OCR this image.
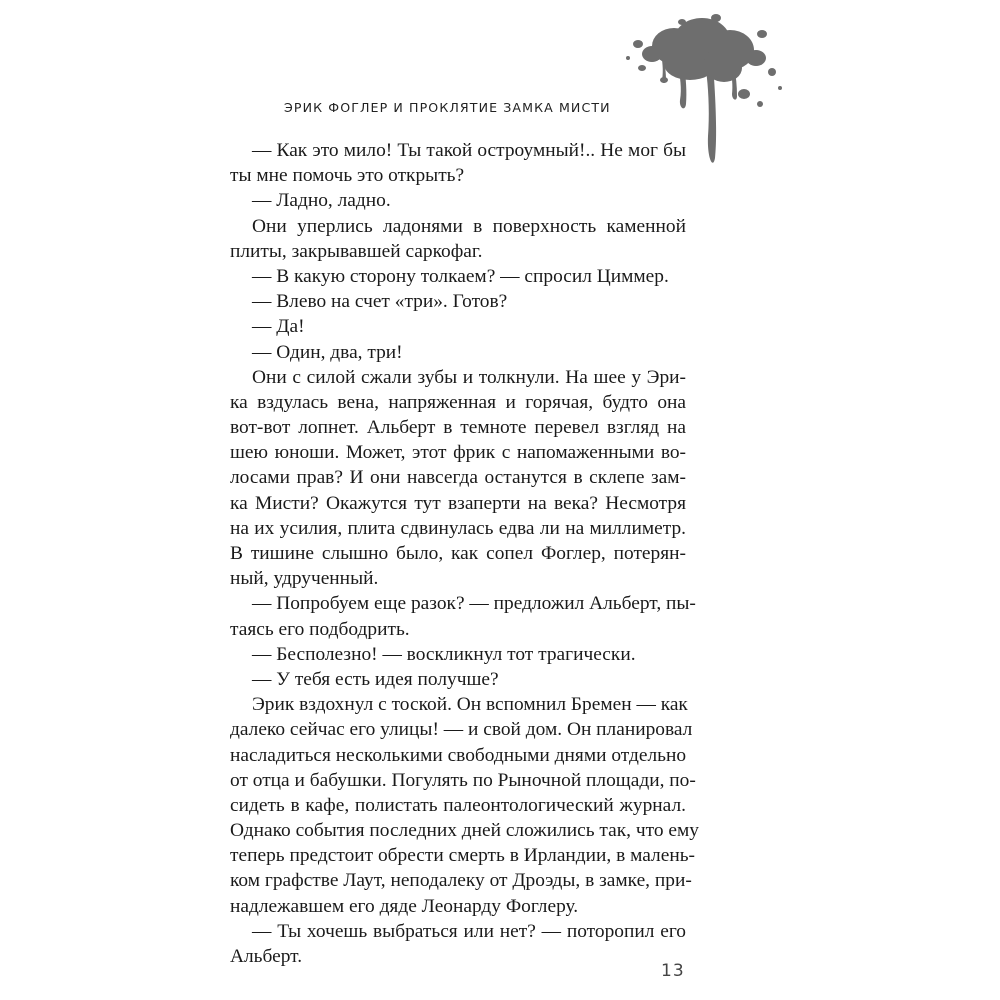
ЭРИК ФОГЛЕР И ПРОКЛЯТИЕ ЗАМКА МИСТИ
— Как это мило! Ты такой остроумный!.. Не мог бы
ты мне помочь это открыть?
— Ладно, ладно.
Они уперлись ладонями в поверхность каменной
плиты, закрывавшей саркофаг.
— В какую сторону толкаем? — спросил Циммер.
— Влево на счет «три». Готов?
— Да!
— Один, два, три!
Они с силой сжали зубы и толкнули. На шее у Эри-
ка вздулась вена, напряженная и горячая, будто она
вот-вот лопнет. Альберт в темноте перевел взгляд на
шею юноши. Может, этот фрик с напомаженными во-
лосами прав? И они навсегда останутся в склепе зам-
ка Мисти? Окажутся тут взаперти на века? Несмотря
на их усилия, плита сдвинулась едва ли на миллиметр.
В тишине слышно было, как сопел Фоглер, потерян-
ный, удрученный.
— Попробуем еще разок? — предложил Альберт, пы-
таясь его подбодрить.
— Бесполезно! — воскликнул тот трагически.
— У тебя есть идея получше?
Эрик вздохнул с тоской. Он вспомнил Бремен — как
далеко сейчас его улицы! — и свой дом. Он планировал
насладиться несколькими свободными днями отдельно
от отца и бабушки. Погулять по Рыночной площади, по-
сидеть в кафе, полистать палеонтологический журнал.
Однако события последних дней сложились так, что ему
теперь предстоит обрести смерть в Ирландии, в малень-
ком графстве Лаут, неподалеку от Дроэды, в замке, при-
надлежавшем его дяде Леонарду Фоглеру.
— Ты хочешь выбраться или нет? — поторопил его
Альберт.
13
